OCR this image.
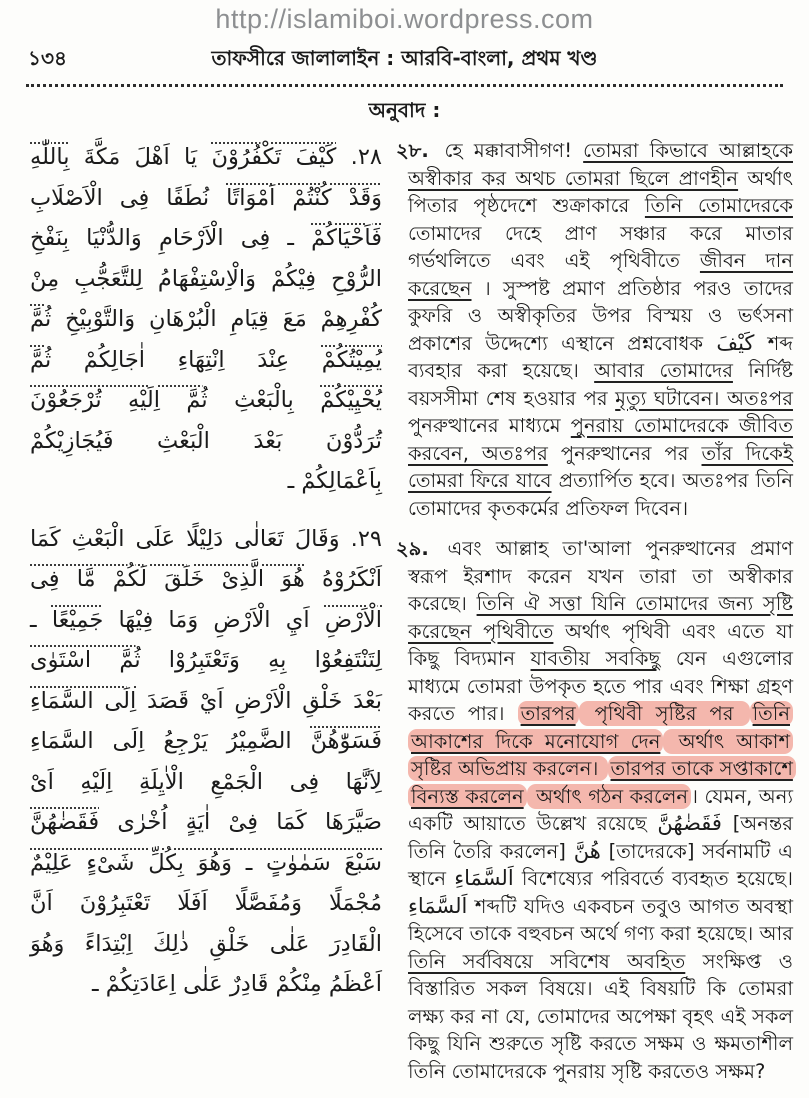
http://islamiboi.wordpress.com
১৩৪	তাফসীরে জালালাইন : আরবি-বাংলা, প্রথম খণ্ড
অনুবাদ :
٢٨. كَيْفَ تَكْفُرُوْنَ يَا اَهْلَ مَكَّةَ بِاللّٰهِ
وَقَدْ كُنْتُمْ اَمْوَاتًا نُطَفًا فِى الْاَصْلَابِ
فَاَحْيَاكُمْ ـ فِى الْاَرْحَامِ وَالدُّنْيَا بِنَفْخِ
الرُّوْحِ فِيْكُمْ وَالْاِسْتِفْهَامُ لِلتَّعَجُّبِ مِنْ
كُفْرِهِمْ مَعَ قِيَامِ الْبُرْهَانِ وَالتَّوْبِيْخِ ثُمَّ
يُمِيْتُكُمْ عِنْدَ اِنْتِهَاءِ اٰجَالِكُمْ ثُمَّ
يُحْيِيْكُمْ بِالْبَعْثِ ثُمَّ اِلَيْهِ تُرْجَعُوْنَ
تُرَدُّوْنَ بَعْدَ الْبَعْثِ فَيُجَازِيْكُمْ
بِاَعْمَالِكُمْ ـ
٢٩. وَقَالَ تَعَالٰى دَلِيْلًا عَلَى الْبَعْثِ كَمَا
اَنْكَرُوْهُ هُوَ الَّذِىْ خَلَقَ لَكُمْ مَّا فِى
الْاَرْضِ اَيِ الْاَرْضِ وَمَا فِيْهَا جَمِيْعًا ـ
لِتَنْتَفِعُوْا بِهِ وَتَعْتَبِرُوْا ثُمَّ اسْتَوٰى
بَعْدَ خَلْقِ الْاَرْضِ اَيْ قَصَدَ اِلَى السَّمَاءِ
فَسَوّٰهُنَّ الضَّمِيْرُ يَرْجِعُ اِلَى السَّمَاءِ
لِاَنَّهَا فِى الْجَمْعِ الْاٰيِلَةِ اِلَيْهِ اَىْ
صَيَّرَهَا كَمَا فِىْ اٰيَةٍ اُخْرٰى فَقَضٰهُنَّ
سَبْعَ سَمٰوٰتٍ ـ وَهُوَ بِكُلِّ شَىْءٍ عَلِيْمٌ
مُجْمَلًا وَمُفَصَّلًا اَفَلَا تَعْتَبِرُوْنَ اَنَّ
الْقَادِرَ عَلٰى خَلْقِ ذٰلِكَ اِبْتِدَاءً وَهُوَ
اَعْظَمُ مِنْكُمْ قَادِرٌ عَلٰى اِعَادَتِكُمْ ـ
২৮. হে মক্কাবাসীগণ! তোমরা কিভাবে আল্লাহকে অস্বীকার কর অথচ তোমরা ছিলে প্রাণহীন অর্থাৎ পিতার পৃষ্ঠদেশে শুক্রাকারে তিনি তোমাদেরকে তোমাদের দেহে প্রাণ সঞ্চার করে মাতার গর্ভথলিতে এবং এই পৃথিবীতে জীবন দান করেছেন । সুস্পষ্ট প্রমাণ প্রতিষ্ঠার পরও তাদের কুফরি ও অস্বীকৃতির উপর বিস্ময় ও ভর্ৎসনা প্রকাশের উদ্দেশ্যে এস্থানে প্রশ্নবোধক كَيْفَ শব্দ ব্যবহার করা হয়েছে। আবার তোমাদের নির্দিষ্ট বয়সসীমা শেষ হওয়ার পর মৃত্যু ঘটাবেন। অতঃপর পুনরুত্থানের মাধ্যমে পুনরায় তোমাদেরকে জীবিত করবেন, অতঃপর পুনরুত্থানের পর তাঁর দিকেই তোমরা ফিরে যাবে প্রত্যার্পিত হবে। অতঃপর তিনি তোমাদের কৃতকর্মের প্রতিফল দিবেন।
২৯. এবং আল্লাহ তা'আলা পুনরুত্থানের প্রমাণ স্বরূপ ইরশাদ করেন যখন তারা তা অস্বীকার করেছে। তিনি ঐ সত্তা যিনি তোমাদের জন্য সৃষ্টি করেছেন পৃথিবীতে অর্থাৎ পৃথিবী এবং এতে যা কিছু বিদ্যমান যাবতীয় সবকিছু যেন এগুলোর মাধ্যমে তোমরা উপকৃত হতে পার এবং শিক্ষা গ্রহণ করতে পার। তারপর পৃথিবী সৃষ্টির পর তিনি আকাশের দিকে মনোযোগ দেন অর্থাৎ আকাশ সৃষ্টির অভিপ্রায় করলেন। তারপর তাকে সপ্তাকাশে বিন্যস্ত করলেন অর্থাৎ গঠন করলেন । যেমন, অন্য একটি আয়াতে উল্লেখ রয়েছে فَقَضٰهُنَّ [অনন্তর তিনি তৈরি করলেন] هُنَّ [তাদেরকে] সর্বনামটি এ স্থানে اَلسَّمَاءِ বিশেষ্যের পরিবর্তে ব্যবহৃত হয়েছে। اَلسَّمَاءِ শব্দটি যদিও একবচন তবুও আগত অবস্থা হিসেবে তাকে বহুবচন অর্থে গণ্য করা হয়েছে। আর তিনি সর্ববিষয়ে সবিশেষ অবহিত সংক্ষিপ্ত ও বিস্তারিত সকল বিষয়ে। এই বিষয়টি কি তোমরা লক্ষ্য কর না যে, তোমাদের অপেক্ষা বৃহৎ এই সকল কিছু যিনি শুরুতে সৃষ্টি করতে সক্ষম ও ক্ষমতাশীল তিনি তোমাদেরকে পুনরায় সৃষ্টি করতেও সক্ষম?
